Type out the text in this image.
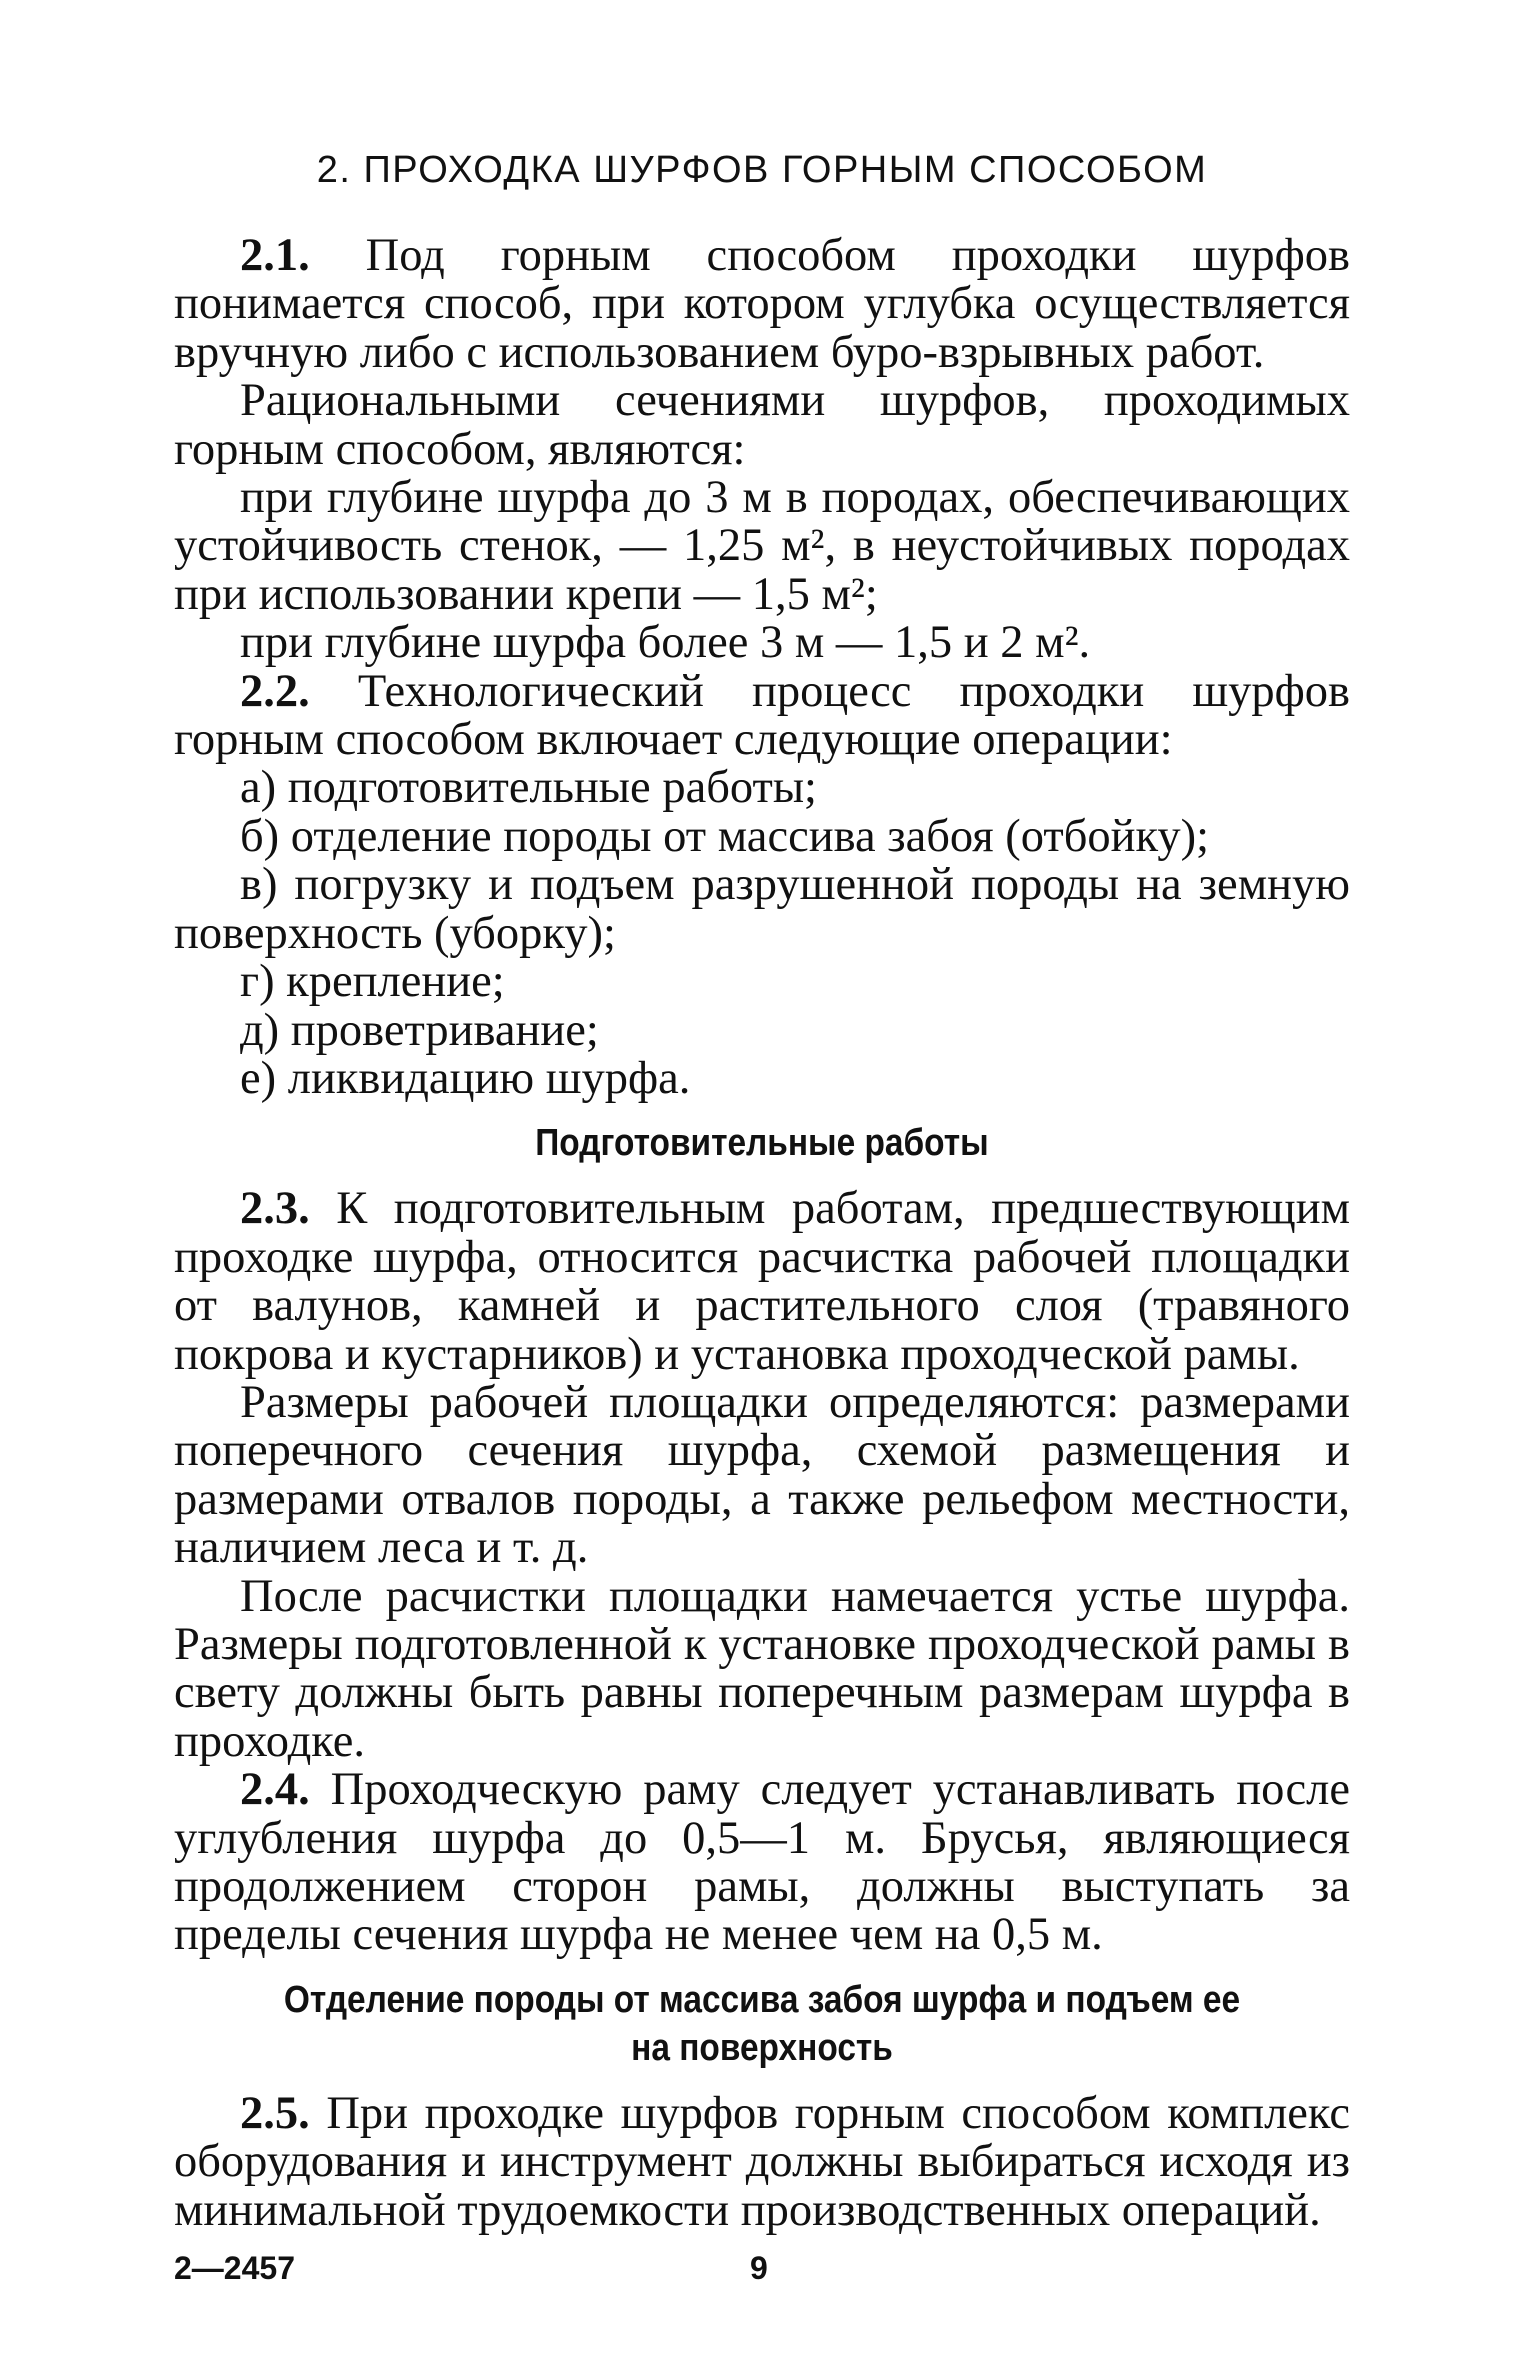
2. ПРОХОДКА ШУРФОВ ГОРНЫМ СПОСОБОМ

2.1. Под горным способом проходки шурфов понимается способ, при котором углубка осуществляется вручную либо с использованием буро-взрывных работ.

Рациональными сечениями шурфов, проходимых горным способом, являются:

при глубине шурфа до 3 м в породах, обеспечивающих устойчивость стенок, — 1,25 м², в неустойчивых породах при использовании крепи — 1,5 м²;

при глубине шурфа более 3 м — 1,5 и 2 м².

2.2. Технологический процесс проходки шурфов горным способом включает следующие операции:

а) подготовительные работы;
б) отделение породы от массива забоя (отбойку);
в) погрузку и подъем разрушенной породы на земную поверхность (уборку);
г) крепление;
д) проветривание;
е) ликвидацию шурфа.
Подготовительные работы

2.3. К подготовительным работам, предшествующим проходке шурфа, относится расчистка рабочей площадки от валунов, камней и растительного слоя (травяного покрова и кустарников) и установка проходческой рамы.

Размеры рабочей площадки определяются: размерами поперечного сечения шурфа, схемой размещения и размерами отвалов породы, а также рельефом местности, наличием леса и т. д.

После расчистки площадки намечается устье шурфа. Размеры подготовленной к установке проходческой рамы в свету должны быть равны поперечным размерам шурфа в проходке.

2.4. Проходческую раму следует устанавливать после углубления шурфа до 0,5—1 м. Брусья, являющиеся продолжением сторон рамы, должны выступать за пределы сечения шурфа не менее чем на 0,5 м.

Отделение породы от массива забоя шурфа и подъем ее на поверхность

2.5. При проходке шурфов горным способом комплекс оборудования и инструмент должны выбираться исходя из минимальной трудоемкости производственных операций.

2—2457	9
